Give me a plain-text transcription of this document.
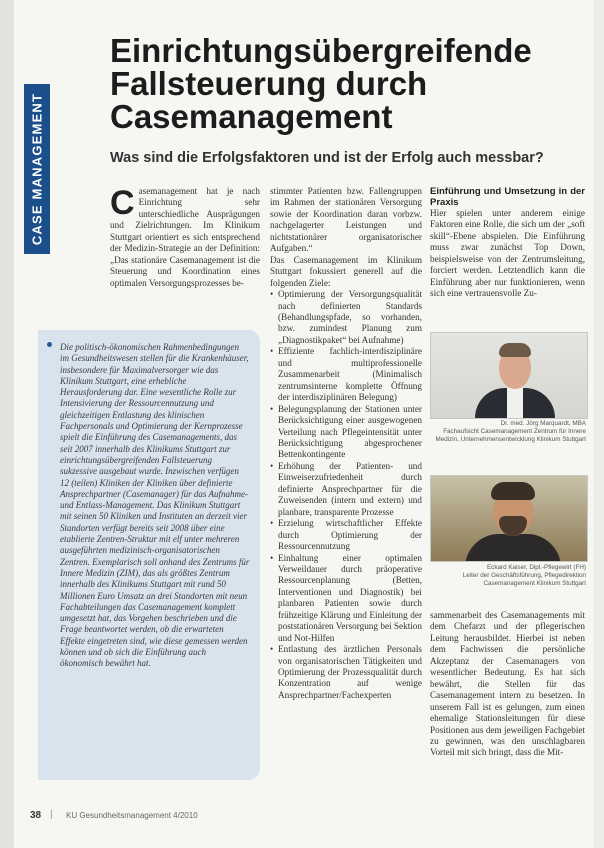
CASE MANAGEMENT
Einrichtungsübergreifende Fallsteuerung durch Casemanagement
Was sind die Erfolgsfaktoren und ist der Erfolg auch messbar?
C asemanagement hat je nach Einrichtung sehr unterschiedliche Ausprägungen und Zielrichtungen. Im Klinikum Stuttgart orientiert es sich entsprechend der Medizin-Strategie an der Definition: „Das stationäre Casemanagement ist die Steuerung und Koordination eines optimalen Versorgungsprozesses be-

Die politisch-ökonomischen Rahmenbedingungen im Gesundheitswesen stellen für die Krankenhäuser, insbesondere für Maximalversorger wie das Klinikum Stuttgart, eine erhebliche Herausforderung dar. Eine wesentliche Rolle zur Intensivierung der Ressourcennutzung und gleichzeitigen Entlastung des klinischen Fachpersonals und Optimierung der Kernprozesse spielt die Einführung des Casemanagements, das seit 2007 innerhalb des Klinikums Stuttgart zur einrichtungsübergreifenden Fallsteuerung sukzessive ausgebaut wurde. Inzwischen verfügen 12 (teilen) Kliniken der Kliniken über definierte Ansprechpartner (Casemanager) für das Aufnahme- und Entlass-Management. Das Klinikum Stuttgart mit seinen 50 Kliniken und Instituten an derzeit vier Standorten verfügt bereits seit 2008 über eine etablierte Zentren-Struktur mit elf unter mehreren ausgeführten medizinisch-organisatorischen Zentren. Exemplarisch soll anhand des Zentrums für Innere Medizin (ZIM), das als größtes Zentrum innerhalb des Klinikums Stuttgart mit rund 50 Millionen Euro Umsatz an drei Standorten mit neun Fachabteilungen das Casemanagement komplett umgesetzt hat, das Vorgehen beschrieben und die Frage beantwortet werden, ob die erwarteten Effekte eingetreten sind, wie diese gemessen werden können und ob sich die Einführung auch ökonomisch bewährt hat.

stimmter Patienten bzw. Fallengruppen im Rahmen der stationären Versorgung sowie der Koordination daran vorbzw. nachgelagerter Leistungen und nichtstationärer organisatorischer Aufgaben.“

Das Casemanagement im Klinikum Stuttgart fokussiert generell auf die folgenden Ziele:

• Optimierung der Versorgungsqualität nach definierten Standards (Behandlungspfade, so vorhanden, bzw. zumindest Planung zum „Diagnostikpaket“ bei Aufnahme)
• Effiziente fachlich-interdisziplinäre und multiprofessionelle Zusammenarbeit (Minimalisch zentrumsinterne komplette Öffnung der interdisziplinären Belegung)
• Belegungsplanung der Stationen unter Berücksichtigung einer ausgewogenen Verteilung nach Pflegeintensität unter Berücksichtigung abgesprochener Bettenkontingente
• Erhöhung der Patienten- und Einweiserzufriedenheit durch definierte Ansprechpartner für die Zuweisenden (intern und extern) und planbare, transparente Prozesse
• Erzielung wirtschaftlicher Effekte durch Optimierung der Ressourcennutzung
• Einhaltung einer optimalen Verweildauer durch präoperative Ressourcenplanung (Betten, Interventionen und Diagnostik) bei planbaren Patienten sowie durch frühzeitige Klärung und Einleitung der poststationären Versorgung bei Sektion und Not-Hilfen
• Entlastung des ärztlichen Personals von organisatorischen Tätigkeiten und Optimierung der Prozessqualität durch Konzentration auf wenige Ansprechpartner/Fachexperten

Einführung und Umsetzung in der Praxis

Hier spielen unter anderem einige Faktoren eine Rolle, die sich um der „soft skill“-Ebene abspielen. Die Einführung muss zwar zunächst Top Down, beispielsweise von der Zentrumsleitung, forciert werden. Letztendlich kann die Einführung aber nur funktionieren, wenn sich eine vertrauensvolle Zu-

Dr. med. Jörg Marquardt, MBA
Fachaufsicht Casemanagement Zentrum für Innere Medizin, Unternehmensentwicklung Klinikum Stuttgart
Eckard Kaiser, Dipl.-Pflegewirt (FH)
Leiter der Geschäftsführung, Pflegedirektion Casemanagement Klinikum Stuttgart

sammenarbeit des Casemanagements mit dem Chefarzt und der pflegerischen Leitung herausbildet. Hierbei ist neben dem Fachwissen die persönliche Akzeptanz der Casemanagers von wesentlicher Bedeutung. Es hat sich bewährt, die Stellen für das Casemanagement intern zu besetzen. In unserem Fall ist es gelungen, zum einen ehemalige Stationsleitungen für diese Positionen aus dem jeweiligen Fachgebiet zu gewinnen, was den unschlagbaren Vorteil mit sich bringt, dass die Mit-

38 | KU Gesundheitsmanagement 4/2010
